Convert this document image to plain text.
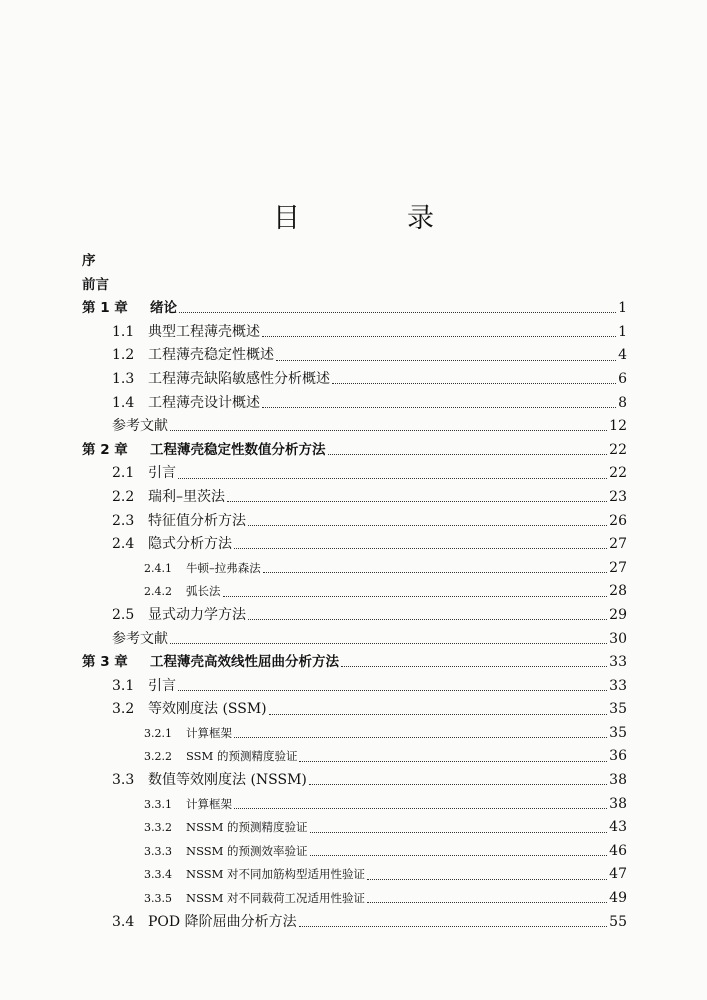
目　录
序
前言
第 1 章	绪论	1
1.1 典型工程薄壳概述	1
1.2 工程薄壳稳定性概述	4
1.3 工程薄壳缺陷敏感性分析概述	6
1.4 工程薄壳设计概述	8
参考文献	12
第 2 章	工程薄壳稳定性数值分析方法	22
2.1 引言	22
2.2 瑞利–里茨法	23
2.3 特征值分析方法	26
2.4 隐式分析方法	27
2.4.1	牛顿–拉弗森法	27
2.4.2	弧长法	28
2.5 显式动力学方法	29
参考文献	30
第 3 章	工程薄壳高效线性屈曲分析方法	33
3.1 引言	33
3.2 等效刚度法 (SSM)	35
3.2.1	计算框架	35
3.2.2	SSM 的预测精度验证	36
3.3 数值等效刚度法 (NSSM)	38
3.3.1	计算框架	38
3.3.2	NSSM 的预测精度验证	43
3.3.3	NSSM 的预测效率验证	46
3.3.4	NSSM 对不同加筋构型适用性验证	47
3.3.5	NSSM 对不同载荷工况适用性验证	49
3.4 POD 降阶屈曲分析方法	55
